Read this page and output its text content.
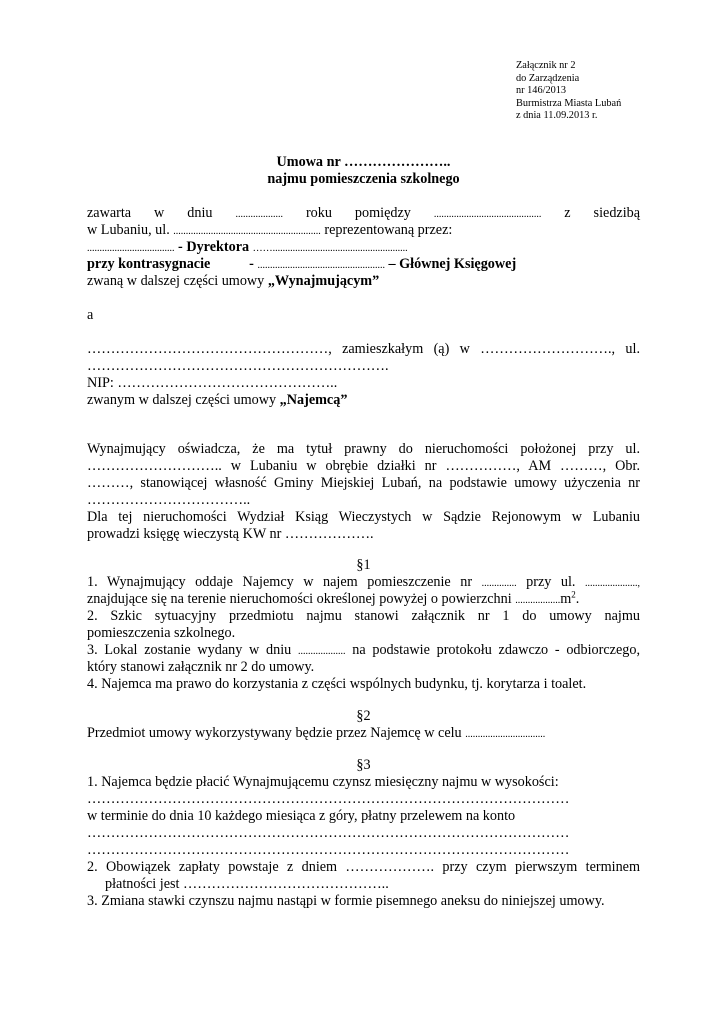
Załącznik nr 2
do Zarządzenia
nr 146/2013
Burmistrza Miasta Lubań
z dnia 11.09.2013 r.
Umowa nr …………………..
najmu pomieszczenia szkolnego
zawarta w dniu ................... roku pomiędzy ........................................... z siedzibą
w Lubaniu, ul. ........................................................... reprezentowaną przez:
................................... - Dyrektora ……......................................................
przy kontrasygnacie	- ................................................... – Głównej Księgowej
zwaną w dalszej części umowy „Wynajmującym”
a
……………………………………………, zamieszkałym (ą) w ………………………., ul.
……………………………………………………….
NIP: ………………………………………..
zwanym w dalszej części umowy „Najemcą”
Wynajmujący oświadcza, że ma tytuł prawny do nieruchomości położonej przy ul.
……………………….. w Lubaniu w obrębie działki nr ……………, AM ………, Obr.
………, stanowiącej własność Gminy Miejskiej Lubań, na podstawie umowy użyczenia nr
……………………………..
Dla tej nieruchomości Wydział Ksiąg Wieczystych w Sądzie Rejonowym w Lubaniu
prowadzi księgę wieczystą KW nr ……………….
§1
1. Wynajmujący oddaje Najemcy w najem pomieszczenie nr .............. przy ul. .....................,
znajdujące się na terenie nieruchomości określonej powyżej o powierzchni $..................m^2$.
2. Szkic sytuacyjny przedmiotu najmu stanowi załącznik nr 1 do umowy najmu
pomieszczenia szkolnego.
3. Lokal zostanie wydany w dniu ................... na podstawie protokołu zdawczo - odbiorczego,
który stanowi załącznik nr 2 do umowy.
4. Najemca ma prawo do korzystania z części wspólnych budynku, tj. korytarza i toalet.
§2
Przedmiot umowy wykorzystywany będzie przez Najemcę w celu ................................
§3
1. Najemca będzie płacić Wynajmującemu czynsz miesięczny najmu w wysokości:
…………………………………………………………………………………………
w terminie do dnia 10 każdego miesiąca z góry, płatny przelewem na konto
…………………………………………………………………………………………
…………………………………………………………………………………………
2. Obowiązek zapłaty powstaje z dniem ………………. przy czym pierwszym terminem
płatności jest ……………………………………..
3. Zmiana stawki czynszu najmu nastąpi w formie pisemnego aneksu do niniejszej umowy.
